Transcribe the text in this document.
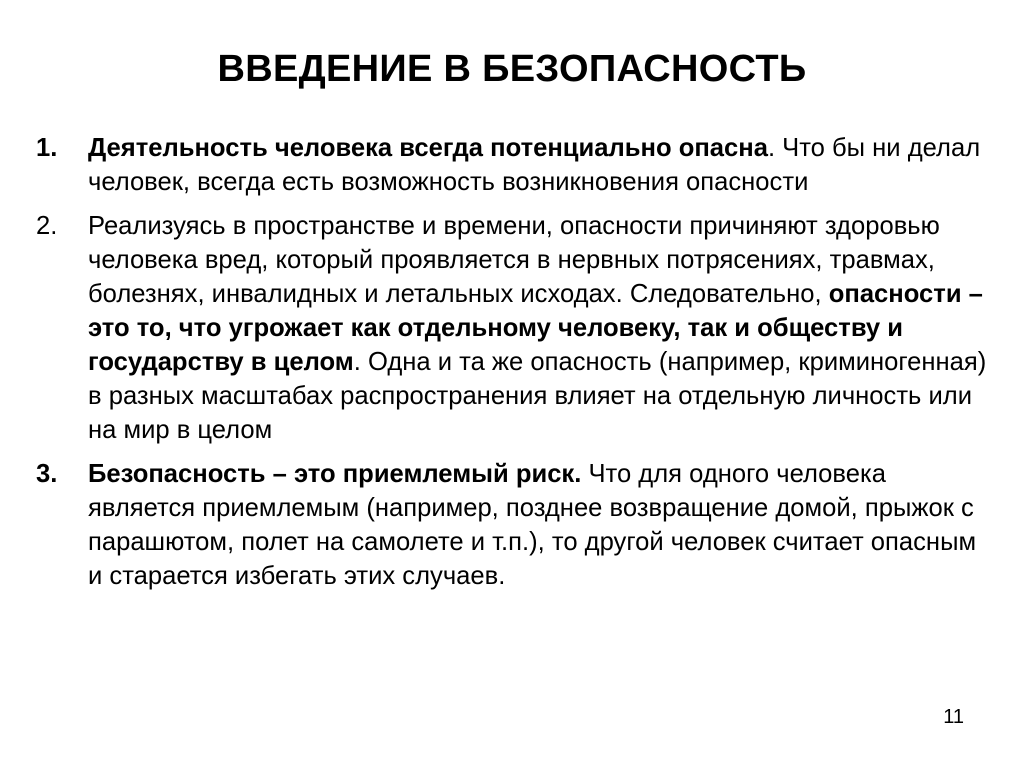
ВВЕДЕНИЕ В БЕЗОПАСНОСТЬ
1. Деятельность человека всегда потенциально опасна. Что бы ни делал человек, всегда есть возможность возникновения опасности
2. Реализуясь в пространстве и времени, опасности причиняют здоровью человека вред, который проявляется в нервных потрясениях, травмах, болезнях, инвалидных и летальных исходах. Следовательно, опасности – это то, что угрожает как отдельному человеку, так и обществу и государству в целом. Одна и та же опасность (например, криминогенная) в разных масштабах распространения влияет на отдельную личность или на мир в целом
3. Безопасность – это приемлемый риск. Что для одного человека является приемлемым (например, позднее возвращение домой, прыжок с парашютом, полет на самолете и т.п.), то другой человек считает опасным и старается избегать этих случаев.
11
